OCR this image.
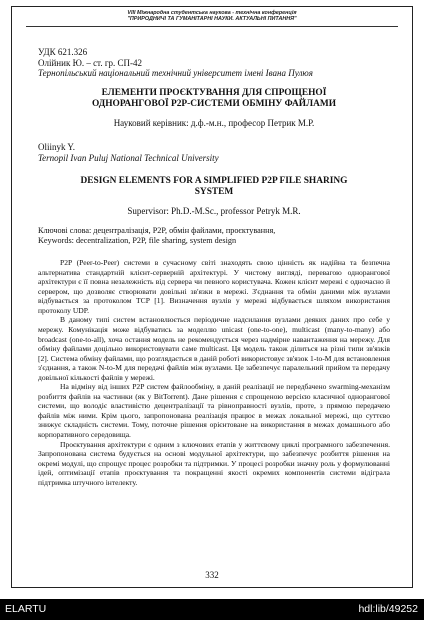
VIII Міжнародна студентська наукова - технічна конференція
"ПРИРОДНИЧІ ТА ГУМАНІТАРНІ НАУКИ. АКТУАЛЬНІ ПИТАННЯ"

УДК 621.326

Олійник Ю. – ст. гр. СП-42

Тернопільський національний технічний університет імені Івана Пулюя

ЕЛЕМЕНТИ ПРОЄКТУВАННЯ ДЛЯ СПРОЩЕНОЇ
ОДНОРАНГОВОЇ P2P-СИСТЕМИ ОБМІНУ ФАЙЛАМИ

Науковий керівник: д.ф.-м.н., професор Петрик М.Р.

Oliinyk Y.

Ternopil Ivan Puluj National Technical University

DESIGN ELEMENTS FOR A SIMPLIFIED P2P FILE SHARING
SYSTEM

Supervisor: Ph.D.-M.Sc., professor Petryk M.R.

Ключові слова: децентралізація, P2P, обмін файлами, проєктування,
Keywords: decentralization, P2P, file sharing, system design

P2P (Peer-to-Peer) системи в сучасному світі знаходять свою цінність як надійна та безпечна альтернатива стандартній клієнт-серверній архітектурі. У чистому вигляді, перевагою однорангової архітектури є її повна незалежність від сервера чи певного користувача. Кожен клієнт мережі є одночасно й сервером, що дозволяє створювати довільні зв'язки в мережі. З'єднання та обмін даними між вузлами відбувається за протоколом TCP [1]. Визначення вузлів у мережі відбувається шляхом використання протоколу UDP.

В даному типі систем встановлюється періодичне надсилання вузлами деяких даних про себе у мережу. Комунікація може відбуватись за моделлю unicast (one-to-one), multicast (many-to-many) або broadcast (one-to-all), хоча остання модель не рекомендується через надмірне навантаження на мережу. Для обміну файлами доцільно використовувати саме multicast. Ця модель також ділиться на різні типи зв'язків [2]. Система обміну файлами, що розглядається в даній роботі використовує зв'язок 1-to-M для встановлення з'єднання, а також N-to-M для передачі файлів між вузлами. Це забезпечує паралельний прийом та передачу довільної кількості файлів у мережі.

На відміну від інших P2P систем файлообміну, в даній реалізації не передбачено swarming-механізм розбиття файлів на частинки (як у BitTorrent). Дане рішення є спрощеною версією класичної однорангової системи, що володіє властивістю децентралізації та рівноправності вузлів, проте, з прямою передачею файлів між ними. Крім цього, запропонована реалізація працює в межах локальної мережі, що суттєво знижує складність системи. Тому, поточне рішення орієнтоване на використання в межах домашнього або корпоративного середовища.

Проєктування архітектури є одним з ключових етапів у життєвому циклі програмного забезпечення. Запропонована система будується на основі модульної архітектури, що забезпечує розбиття рішення на окремі модулі, що спрощує процес розробки та підтримки. У процесі розробки значну роль у формулюванні ідей, оптимізації етапів проєктування та покращенні якості окремих компонентів системи відіграла підтримка штучного інтелекту.

332
ELARTU	hdl:lib/49252
